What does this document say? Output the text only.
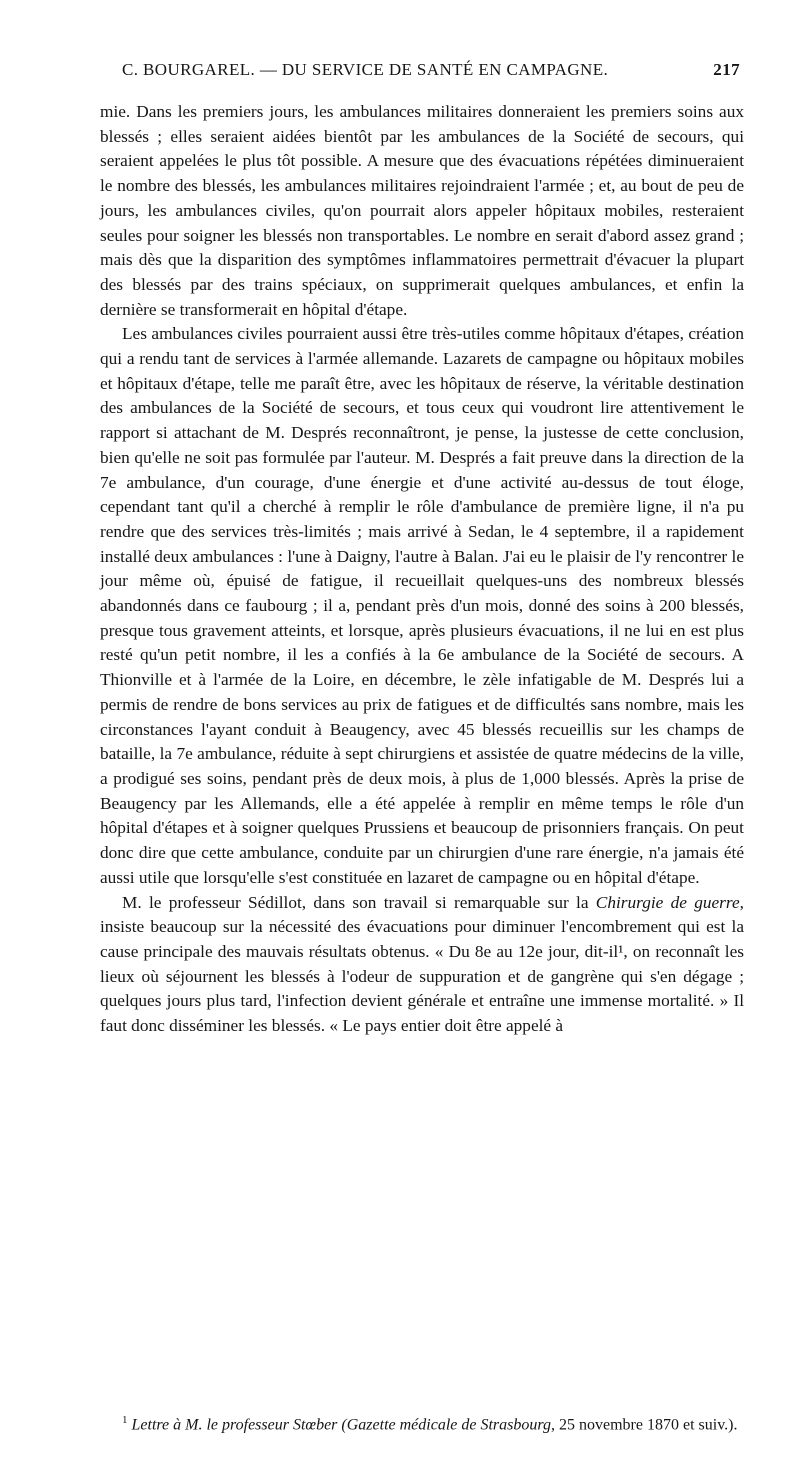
C. BOURGAREL. — DU SERVICE DE SANTÉ EN CAMPAGNE.	217

mie. Dans les premiers jours, les ambulances militaires donneraient les premiers soins aux blessés ; elles seraient aidées bientôt par les ambulances de la Société de secours, qui seraient appelées le plus tôt possible. A mesure que des évacuations répétées diminueraient le nombre des blessés, les ambulances militaires rejoindraient l'armée ; et, au bout de peu de jours, les ambulances civiles, qu'on pourrait alors appeler hôpitaux mobiles, resteraient seules pour soigner les blessés non transportables. Le nombre en serait d'abord assez grand ; mais dès que la disparition des symptômes inflammatoires permettrait d'évacuer la plupart des blessés par des trains spéciaux, on supprimerait quelques ambulances, et enfin la dernière se transformerait en hôpital d'étape.

Les ambulances civiles pourraient aussi être très-utiles comme hôpitaux d'étapes, création qui a rendu tant de services à l'armée allemande. Lazarets de campagne ou hôpitaux mobiles et hôpitaux d'étape, telle me paraît être, avec les hôpitaux de réserve, la véritable destination des ambulances de la Société de secours, et tous ceux qui voudront lire attentivement le rapport si attachant de M. Després reconnaîtront, je pense, la justesse de cette conclusion, bien qu'elle ne soit pas formulée par l'auteur. M. Després a fait preuve dans la direction de la 7e ambulance, d'un courage, d'une énergie et d'une activité au-dessus de tout éloge, cependant tant qu'il a cherché à remplir le rôle d'ambulance de première ligne, il n'a pu rendre que des services très-limités ; mais arrivé à Sedan, le 4 septembre, il a rapidement installé deux ambulances : l'une à Daigny, l'autre à Balan. J'ai eu le plaisir de l'y rencontrer le jour même où, épuisé de fatigue, il recueillait quelques-uns des nombreux blessés abandonnés dans ce faubourg ; il a, pendant près d'un mois, donné des soins à 200 blessés, presque tous gravement atteints, et lorsque, après plusieurs évacuations, il ne lui en est plus resté qu'un petit nombre, il les a confiés à la 6e ambulance de la Société de secours. A Thionville et à l'armée de la Loire, en décembre, le zèle infatigable de M. Després lui a permis de rendre de bons services au prix de fatigues et de difficultés sans nombre, mais les circonstances l'ayant conduit à Beaugency, avec 45 blessés recueillis sur les champs de bataille, la 7e ambulance, réduite à sept chirurgiens et assistée de quatre médecins de la ville, a prodigué ses soins, pendant près de deux mois, à plus de 1,000 blessés. Après la prise de Beaugency par les Allemands, elle a été appelée à remplir en même temps le rôle d'un hôpital d'étapes et à soigner quelques Prussiens et beaucoup de prisonniers français. On peut donc dire que cette ambulance, conduite par un chirurgien d'une rare énergie, n'a jamais été aussi utile que lorsqu'elle s'est constituée en lazaret de campagne ou en hôpital d'étape.

M. le professeur Sédillot, dans son travail si remarquable sur la Chirurgie de guerre, insiste beaucoup sur la nécessité des évacuations pour diminuer l'encombrement qui est la cause principale des mauvais résultats obtenus. « Du 8e au 12e jour, dit-il¹, on reconnaît les lieux où séjournent les blessés à l'odeur de suppuration et de gangrène qui s'en dégage ; quelques jours plus tard, l'infection devient générale et entraîne une immense mortalité. » Il faut donc disséminer les blessés. « Le pays entier doit être appelé à

$^1$ Lettre à M. le professeur Stœber (Gazette médicale de Strasbourg, 25 novembre 1870 et suiv.).
